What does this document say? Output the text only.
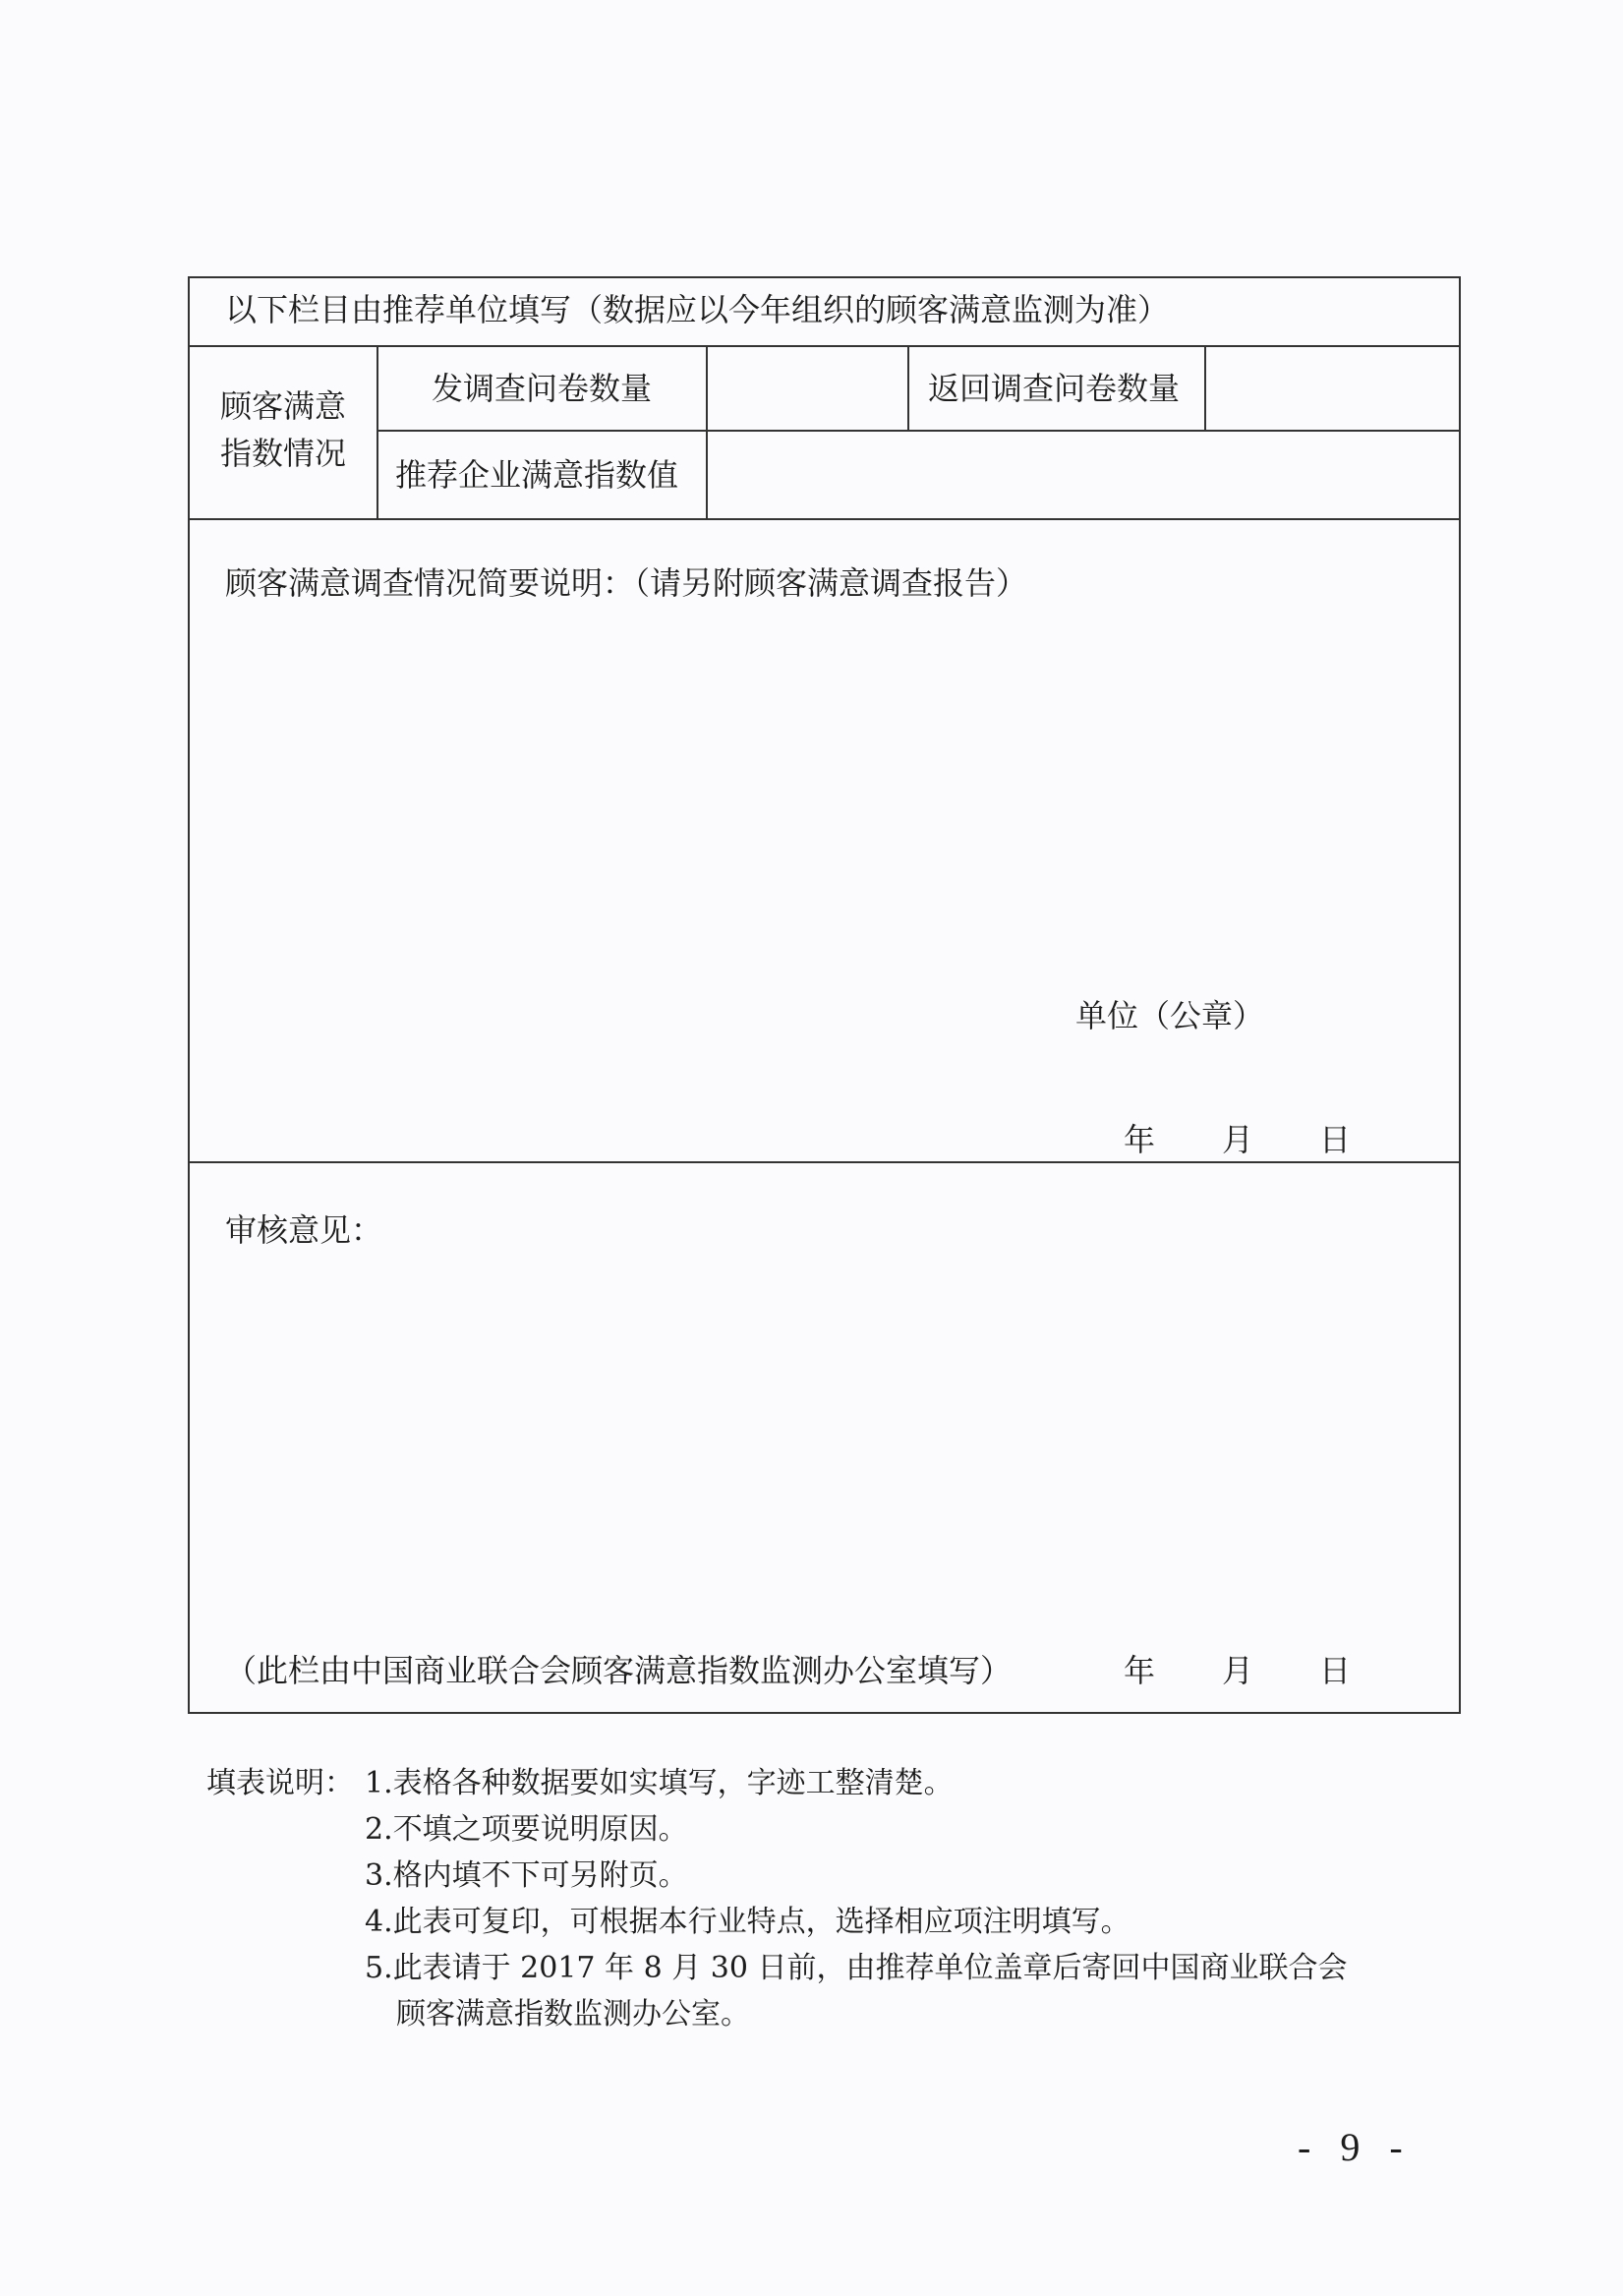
以下栏目由推荐单位填写（数据应以今年组织的顾客满意监测为准）
顾客满意
指数情况
发调查问卷数量	返回调查问卷数量
推荐企业满意指数值
顾客满意调查情况简要说明：（请另附顾客满意调查报告）
单位（公章）
年 月 日
审核意见：
（此栏由中国商业联合会顾客满意指数监测办公室填写）	年 月 日
填表说明： 1.表格各种数据要如实填写，字迹工整清楚。
2.不填之项要说明原因。
3.格内填不下可另附页。
4.此表可复印，可根据本行业特点，选择相应项注明填写。
5.此表请于 2017 年 8 月 30 日前，由推荐单位盖章后寄回中国商业联合会
顾客满意指数监测办公室。
- 9 -
